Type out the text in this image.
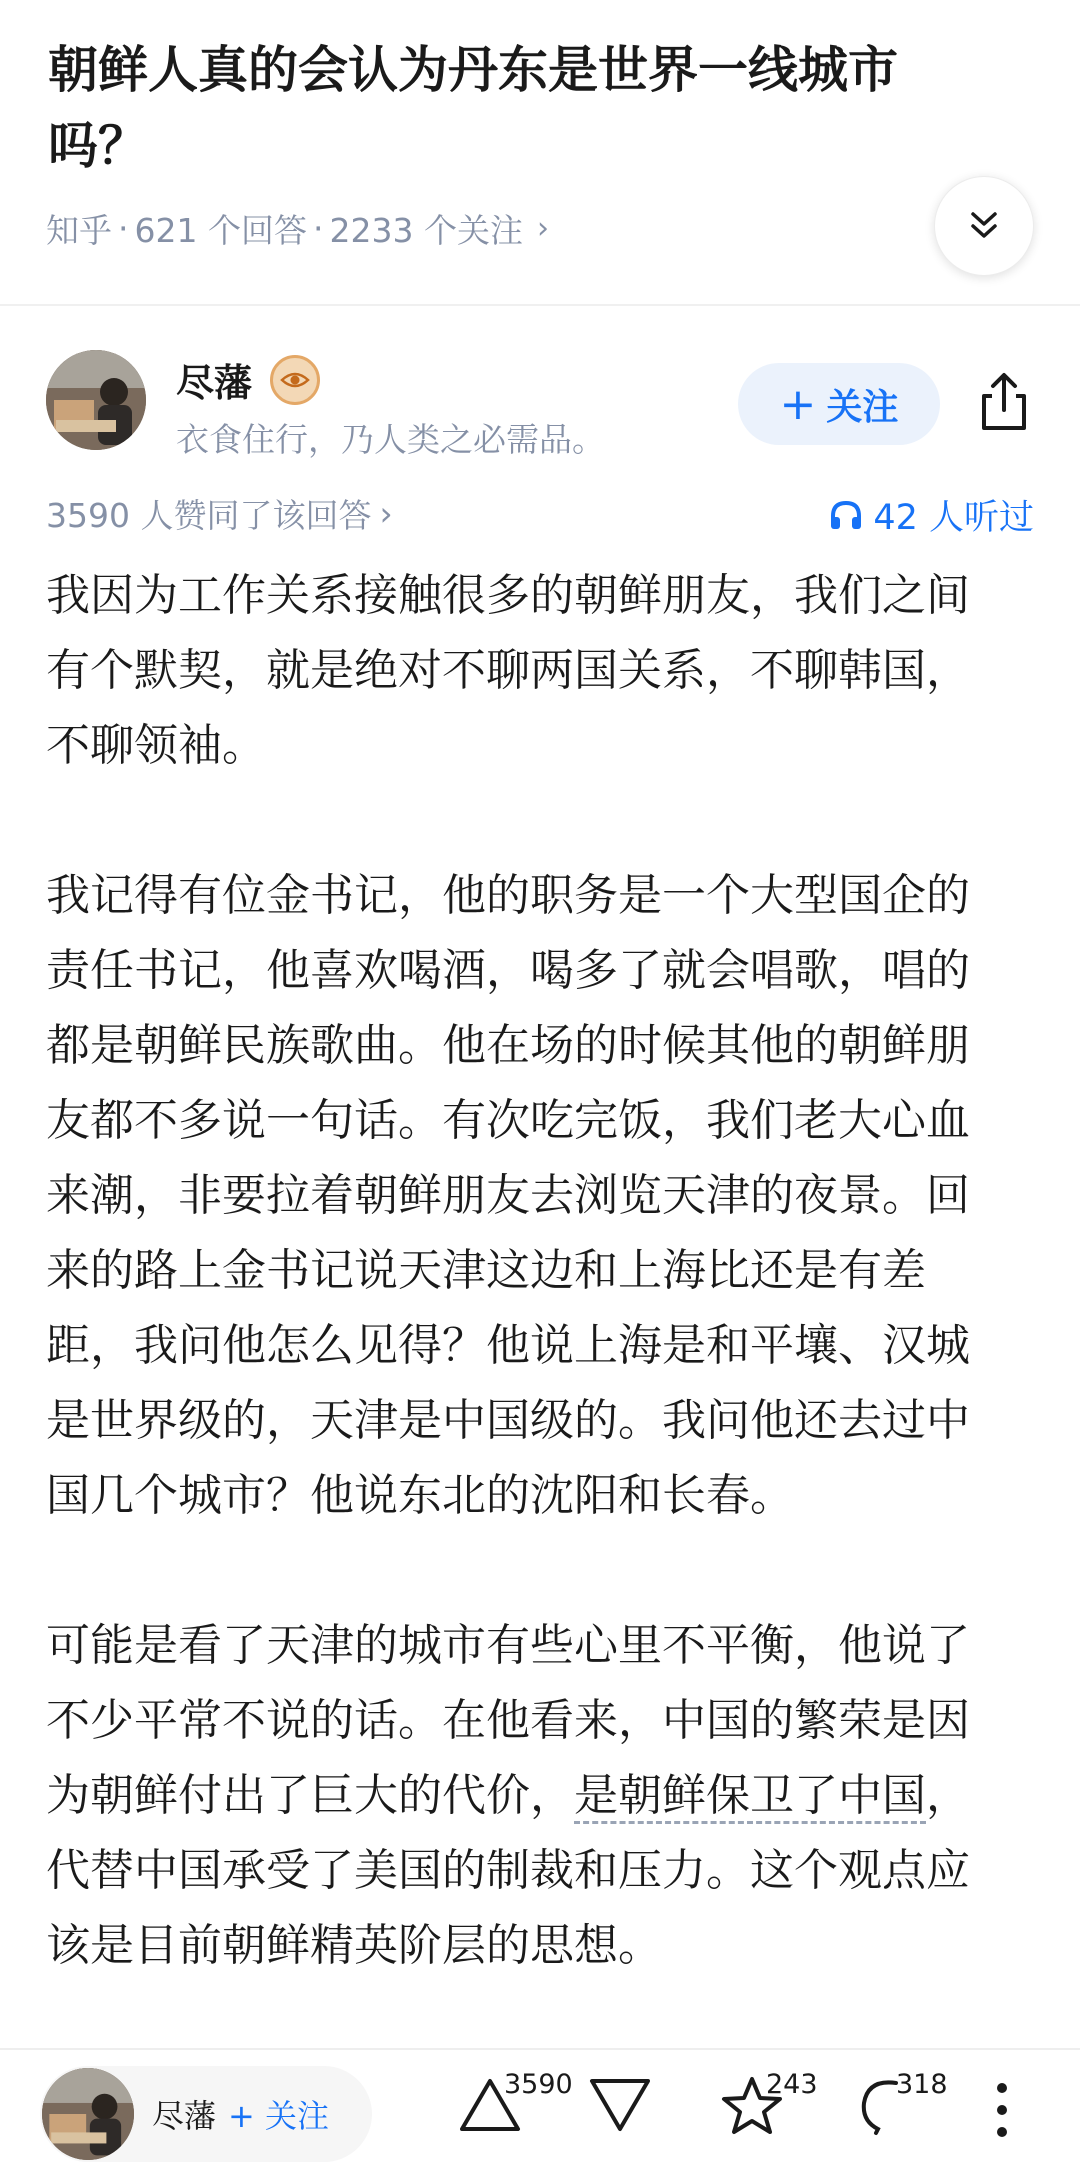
朝鲜人真的会认为丹东是世界一线城市吗？
知乎 · 621 个回答 · 2233 个关注 ›
尽藩
衣食住行，乃人类之必需品。
+ 关注
3590 人赞同了该回答 ›	42 人听过

我因为工作关系接触很多的朝鲜朋友，我们之间有个默契，就是绝对不聊两国关系，不聊韩国，不聊领袖。

我记得有位金书记，他的职务是一个大型国企的责任书记，他喜欢喝酒，喝多了就会唱歌，唱的都是朝鲜民族歌曲。他在场的时候其他的朝鲜朋友都不多说一句话。有次吃完饭，我们老大心血来潮，非要拉着朝鲜朋友去浏览天津的夜景。回来的路上金书记说天津这边和上海比还是有差距，我问他怎么见得？他说上海是和平壤、汉城是世界级的，天津是中国级的。我问他还去过中国几个城市？他说东北的沈阳和长春。

可能是看了天津的城市有些心里不平衡，他说了不少平常不说的话。在他看来，中国的繁荣是因为朝鲜付出了巨大的代价，是朝鲜保卫了中国，代替中国承受了美国的制裁和压力。这个观点应该是目前朝鲜精英阶层的思想。

尽藩 + 关注
3590	243	318
